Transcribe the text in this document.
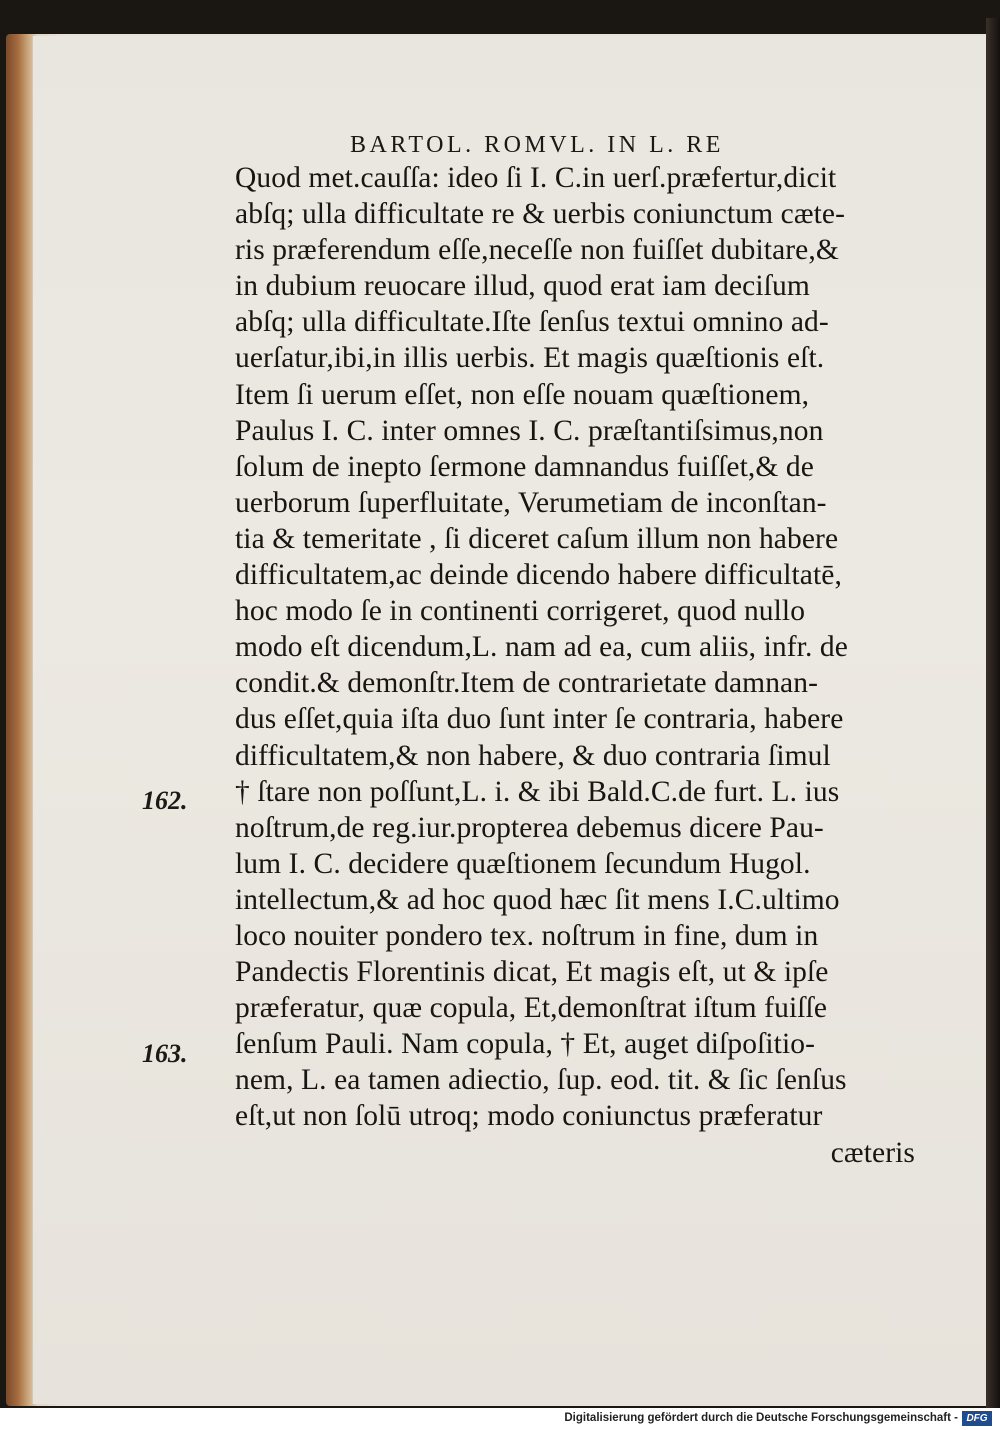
BARTOL. ROMVL. IN L. RE
Quod met.cauſſa: ideo ſi I. C.in uerſ.præfertur,dicit
abſq; ulla difficultate re & uerbis coniunctum cæte-
ris præferendum eſſe,neceſſe non fuiſſet dubitare,&
in dubium reuocare illud, quod erat iam deciſum
abſq; ulla difficultate.Iſte ſenſus textui omnino ad-
uerſatur,ibi,in illis uerbis. Et magis quæſtionis eſt.
Item ſi uerum eſſet, non eſſe nouam quæſtionem,
Paulus I. C. inter omnes I. C. præſtantiſsimus,non
ſolum de inepto ſermone damnandus fuiſſet,& de
uerborum ſuperfluitate, Verumetiam de inconſtan-
tia & temeritate , ſi diceret caſum illum non habere
difficultatem,ac deinde dicendo habere difficultatē,
hoc modo ſe in continenti corrigeret, quod nullo
modo eſt dicendum,L. nam ad ea, cum aliis, infr. de
condit.& demonſtr.Item de contrarietate damnan-
dus eſſet,quia iſta duo ſunt inter ſe contraria, habere
difficultatem,& non habere, & duo contraria ſimul
† ſtare non poſſunt,L. i. & ibi Bald.C.de furt. L. ius
noſtrum,de reg.iur.propterea debemus dicere Pau-
lum I. C. decidere quæſtionem ſecundum Hugol.
intellectum,& ad hoc quod hæc ſit mens I.C.ultimo
loco nouiter pondero tex. noſtrum in fine, dum in
Pandectis Florentinis dicat, Et magis eſt, ut & ipſe
præferatur, quæ copula, Et,demonſtrat iſtum fuiſſe
ſenſum Pauli. Nam copula, † Et, auget diſpoſitio-
nem, L. ea tamen adiectio, ſup. eod. tit. & ſic ſenſus
eſt,ut non ſolū utroq; modo coniunctus præferatur
cæteris
162.
163.
Digitalisierung gefördert durch die Deutsche Forschungsgemeinschaft - DFG
